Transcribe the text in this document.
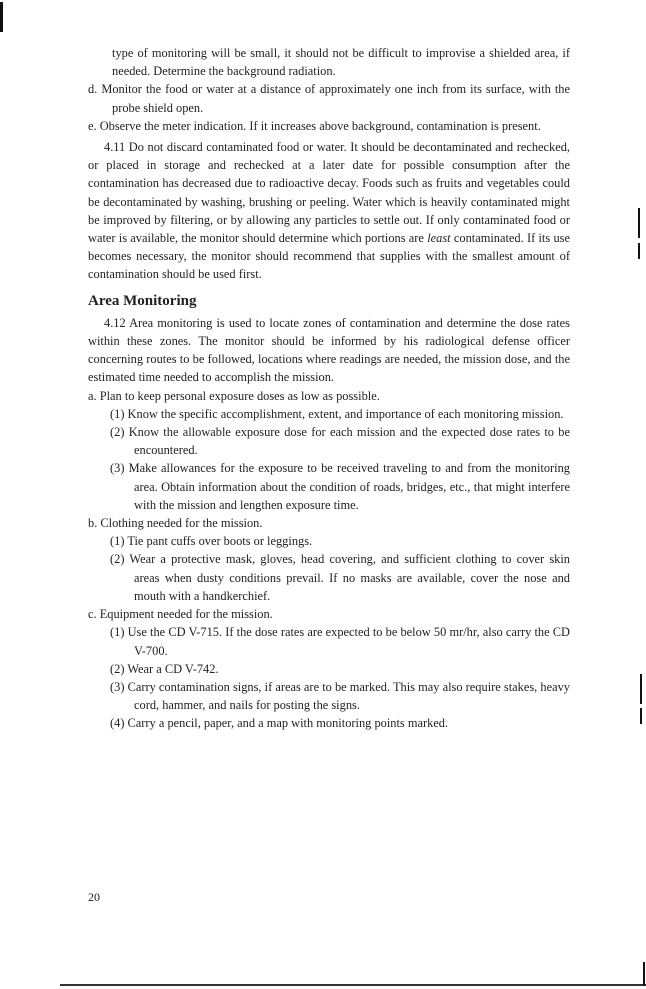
type of monitoring will be small, it should not be difficult to improvise a shielded area, if needed. Determine the background radiation.

d. Monitor the food or water at a distance of approximately one inch from its surface, with the probe shield open.

e. Observe the meter indication. If it increases above background, contamination is present.

4.11 Do not discard contaminated food or water. It should be decontaminated and rechecked, or placed in storage and rechecked at a later date for possible consumption after the contamination has decreased due to radioactive decay. Foods such as fruits and vegetables could be decontaminated by washing, brushing or peeling. Water which is heavily contaminated might be improved by filtering, or by allowing any particles to settle out. If only contaminated food or water is available, the monitor should determine which portions are least contaminated. If its use becomes necessary, the monitor should recommend that supplies with the smallest amount of contamination should be used first.

Area Monitoring

4.12 Area monitoring is used to locate zones of contamination and determine the dose rates within these zones. The monitor should be informed by his radiological defense officer concerning routes to be followed, locations where readings are needed, the mission dose, and the estimated time needed to accomplish the mission.

a. Plan to keep personal exposure doses as low as possible.

(1) Know the specific accomplishment, extent, and importance of each monitoring mission.

(2) Know the allowable exposure dose for each mission and the expected dose rates to be encountered.

(3) Make allowances for the exposure to be received traveling to and from the monitoring area. Obtain information about the condition of roads, bridges, etc., that might interfere with the mission and lengthen exposure time.

b. Clothing needed for the mission.

(1) Tie pant cuffs over boots or leggings.

(2) Wear a protective mask, gloves, head covering, and sufficient clothing to cover skin areas when dusty conditions prevail. If no masks are available, cover the nose and mouth with a handkerchief.

c. Equipment needed for the mission.

(1) Use the CD V-715. If the dose rates are expected to be below 50 mr/hr, also carry the CD V-700.

(2) Wear a CD V-742.

(3) Carry contamination signs, if areas are to be marked. This may also require stakes, heavy cord, hammer, and nails for posting the signs.

(4) Carry a pencil, paper, and a map with monitoring points marked.

20
